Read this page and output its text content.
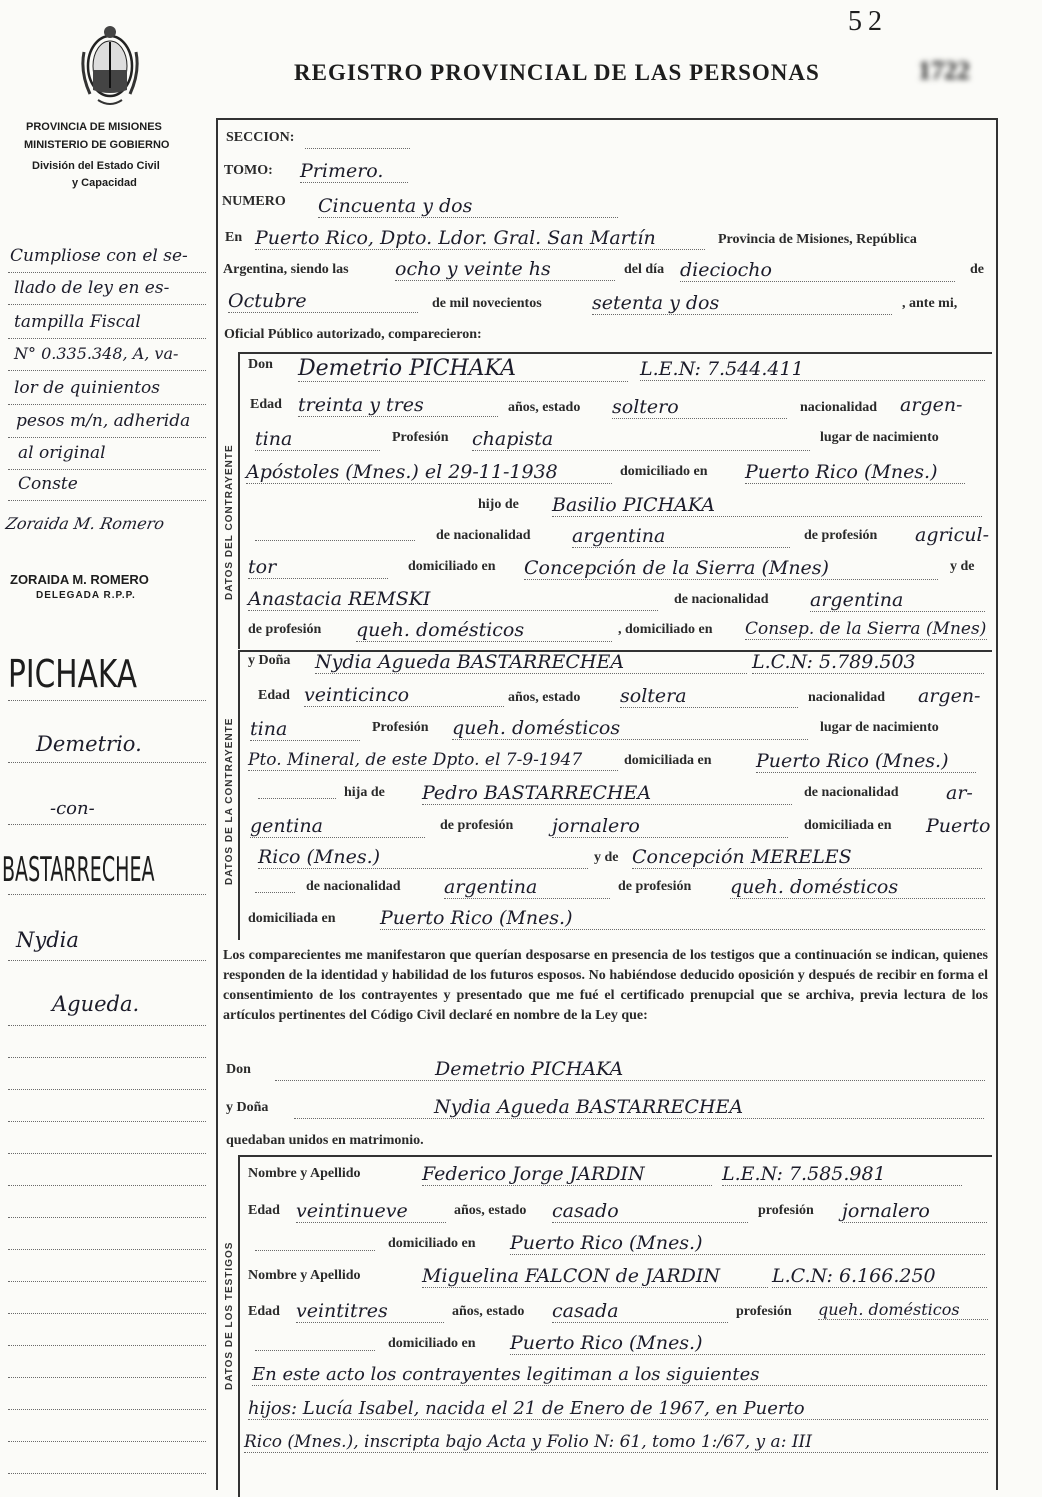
52
REGISTRO PROVINCIAL DE LAS PERSONAS	1722
PROVINCIA DE MISIONES
MINISTERIO DE GOBIERNO
División del Estado Civil
y Capacidad
DATOS DEL CONTRAYENTE
DATOS DE LA CONTRAYENTE
DATOS DE LOS TESTIGOS
SECCION:
TOMO: Primero.
NUMERO Cincuenta y dos
En Puerto Rico, Dpto. Ldor. Gral. San Martín	Provincia de Misiones, República
Argentina, siendo las ocho y veinte hs	del día dieciocho	de
Octubre	de mil novecientos	setenta y dos	, ante mi,
Oficial Público autorizado, comparecieron:
Don Demetrio PICHAKA	L.E.N: 7.544.411
Edad treinta y tres	años, estado soltero	nacionalidad argen-
tina	Profesión chapista	lugar de nacimiento
Apóstoles (Mnes.) el 29-11-1938	domiciliado en Puerto Rico (Mnes.)
hijo de Basilio PICHAKA
de nacionalidad argentina	de profesión agricul-
tor	domiciliado en Concepción de la Sierra (Mnes)	y de
Anastacia REMSKI	de nacionalidad argentina
de profesión queh. domésticos	, domiciliado en Consep. de la Sierra (Mnes)
y Doña Nydia Agueda BASTARRECHEA	L.C.N: 5.789.503
Edad veinticinco	años, estado soltera	nacionalidad argen-
tina	Profesión queh. domésticos	lugar de nacimiento
Pto. Mineral, de este Dpto. el 7-9-1947	domiciliada en Puerto Rico (Mnes.)
hija de Pedro BASTARRECHEA	de nacionalidad ar-
gentina	de profesión jornalero	domiciliada en Puerto
Rico (Mnes.)	y de Concepción MERELES
de nacionalidad argentina	de profesión queh. domésticos
domiciliada en Puerto Rico (Mnes.)
Los comparecientes me manifestaron que querían desposarse en presencia de los testigos que a continuación se indican, quienes responden de la identidad y habilidad de los futuros esposos. No habiéndose deducido oposición y después de recibir en forma el consentimiento de los contrayentes y presentado que me fué el certificado prenupcial que se archiva, previa lectura de los artículos pertinentes del Código Civil declaré en nombre de la Ley que:
Don	Demetrio PICHAKA
y Doña	Nydia Agueda BASTARRECHEA
quedaban unidos en matrimonio.
Nombre y Apellido	Federico Jorge JARDIN	L.E.N: 7.585.981
Edad veintinueve	años, estado casado	profesión jornalero
domiciliado en Puerto Rico (Mnes.)
Nombre y Apellido	Miguelina FALCON de JARDIN	L.C.N: 6.166.250
Edad veintitres	años, estado casada	profesión queh. domésticos
domiciliado en Puerto Rico (Mnes.)
En este acto los contrayentes legitiman a los siguientes
hijos: Lucía Isabel, nacida el 21 de Enero de 1967, en Puerto
Rico (Mnes.), inscripta bajo Acta y Folio N: 61, tomo 1:/67, y a: III
Cumpliose con el se-
llado de ley en es-
tampilla Fiscal
N° 0.335.348, A, va-
lor de quinientos
pesos m/n, adherida
al original
Conste
Zoraida M. Romero
ZORAIDA M. ROMERO
DELEGADA R.P.P.
PICHAKA
Demetrio.
-con-
BASTARRECHEA
Nydia
Agueda.
